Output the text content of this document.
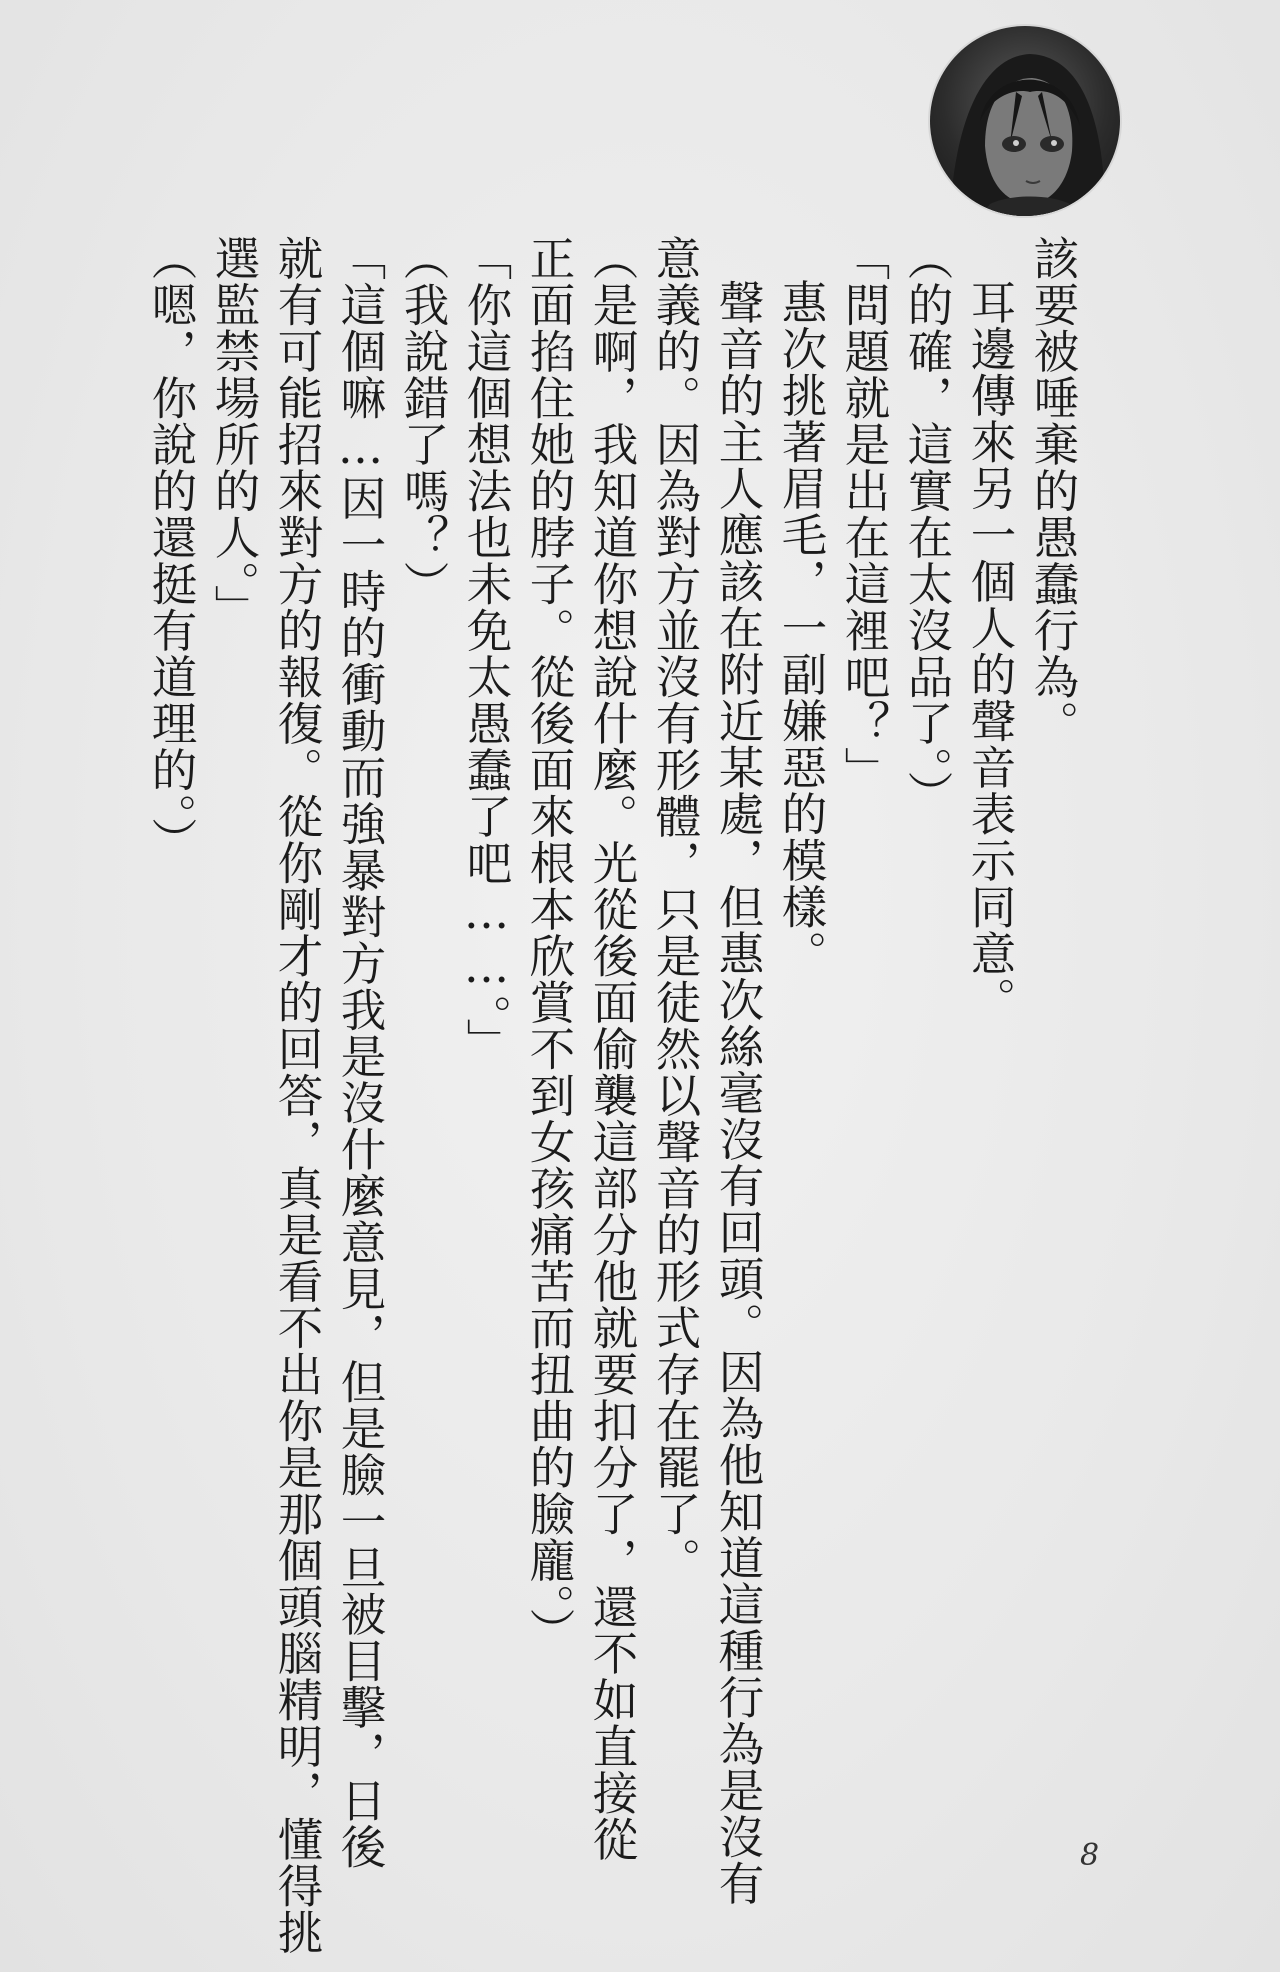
該要被唾棄的愚蠢行為。
耳邊傳來另一個人的聲音表示同意。
（的確，這實在太沒品了。）
「問題就是出在這裡吧？」
惠次挑著眉毛，一副嫌惡的模樣。
聲音的主人應該在附近某處，但惠次絲毫沒有回頭。因為他知道這種行為是沒有
意義的。因為對方並沒有形體，只是徒然以聲音的形式存在罷了。
（是啊，我知道你想說什麼。光從後面偷襲這部分他就要扣分了，還不如直接從
正面掐住她的脖子。從後面來根本欣賞不到女孩痛苦而扭曲的臉龐。）
「你這個想法也未免太愚蠢了吧……。」
（我說錯了嗎？）
「這個嘛…因一時的衝動而強暴對方我是沒什麼意見，但是臉一旦被目擊，日後
就有可能招來對方的報復。從你剛才的回答，真是看不出你是那個頭腦精明，懂得挑
選監禁場所的人。」
（嗯，你說的還挺有道理的。）
8
